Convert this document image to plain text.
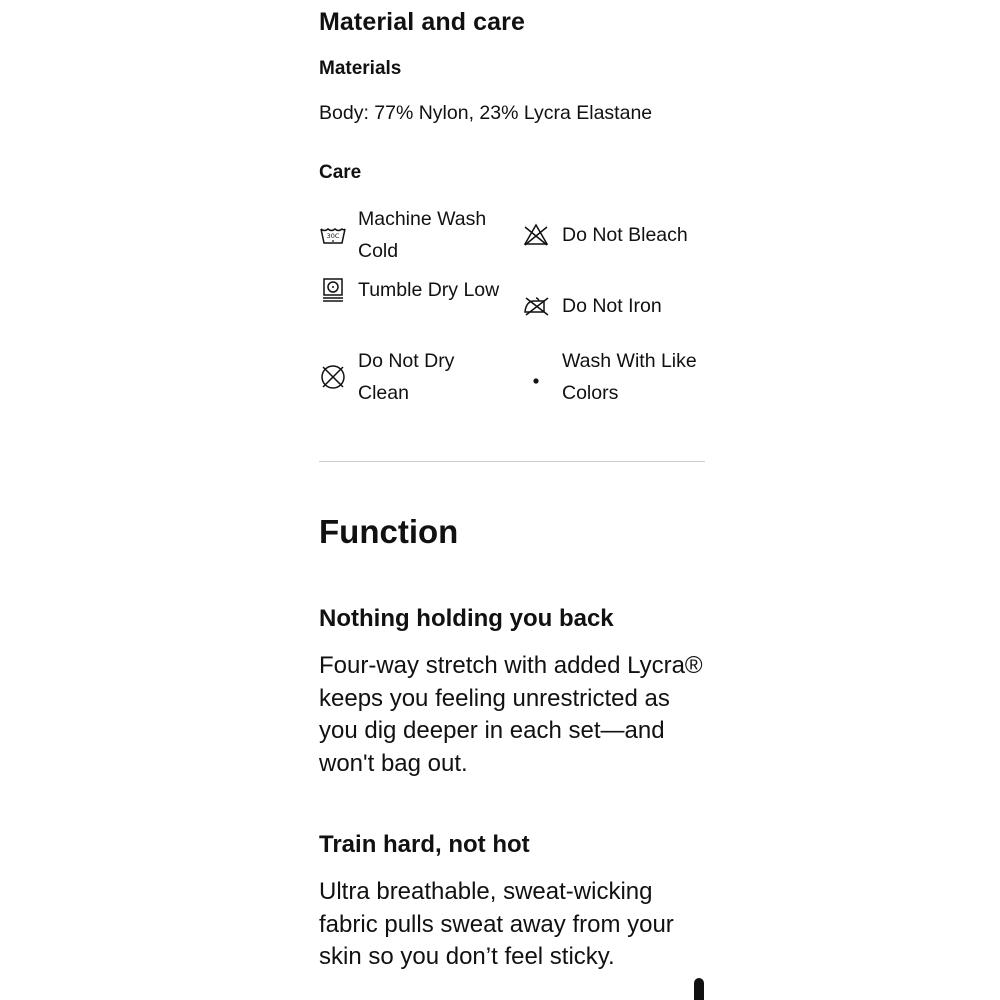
Material and care
Materials
Body: 77% Nylon, 23% Lycra Elastane
Care
30C
Machine Wash Cold
Do Not Bleach
Tumble Dry Low
Do Not Iron
Do Not Dry Clean
Wash With Like Colors
Function
Nothing holding you back
Four-way stretch with added Lycra® keeps you feeling unrestricted as you dig deeper in each set—and won't bag out.
Train hard, not hot
Ultra breathable, sweat-wicking fabric pulls sweat away from your skin so you don’t feel sticky.
